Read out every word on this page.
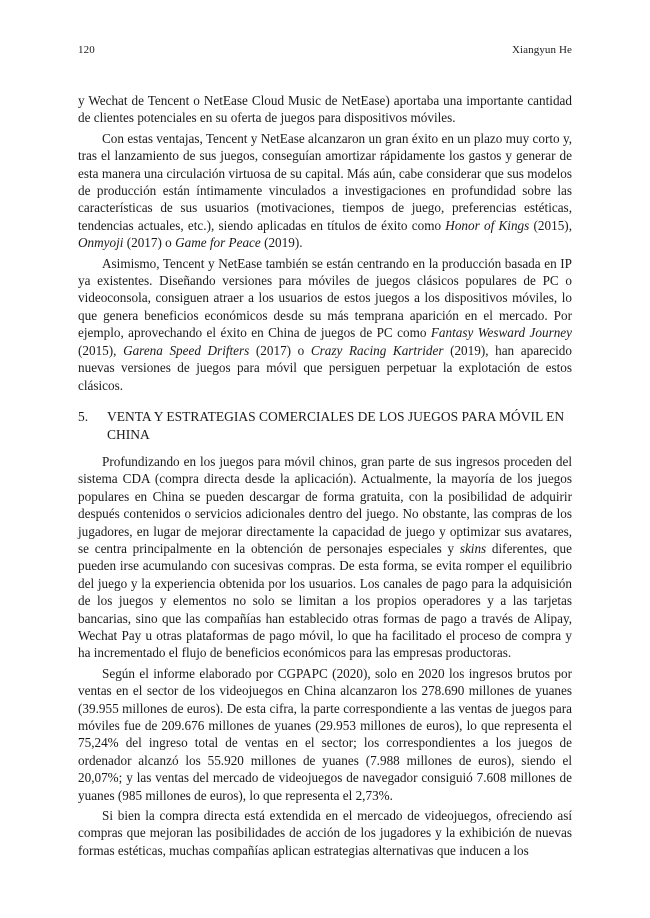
120	Xiangyun He

y Wechat de Tencent o NetEase Cloud Music de NetEase) aportaba una importante cantidad de clientes potenciales en su oferta de juegos para dispositivos móviles.

Con estas ventajas, Tencent y NetEase alcanzaron un gran éxito en un plazo muy corto y, tras el lanzamiento de sus juegos, conseguían amortizar rápidamente los gastos y generar de esta manera una circulación virtuosa de su capital. Más aún, cabe considerar que sus modelos de producción están íntimamente vinculados a investigaciones en profundidad sobre las características de sus usuarios (motivaciones, tiempos de juego, preferencias estéticas, tendencias actuales, etc.), siendo aplicadas en títulos de éxito como Honor of Kings (2015), Onmyoji (2017) o Game for Peace (2019).

Asimismo, Tencent y NetEase también se están centrando en la producción basada en IP ya existentes. Diseñando versiones para móviles de juegos clásicos populares de PC o videoconsola, consiguen atraer a los usuarios de estos juegos a los dispositivos móviles, lo que genera beneficios económicos desde su más temprana aparición en el mercado. Por ejemplo, aprovechando el éxito en China de juegos de PC como Fantasy Wesward Journey (2015), Garena Speed Drifters (2017) o Crazy Racing Kartrider (2019), han aparecido nuevas versiones de juegos para móvil que persiguen perpetuar la explotación de estos clásicos.

5.	VENTA Y ESTRATEGIAS COMERCIALES DE LOS JUEGOS PARA MÓVIL EN CHINA

Profundizando en los juegos para móvil chinos, gran parte de sus ingresos proceden del sistema CDA (compra directa desde la aplicación). Actualmente, la mayoría de los juegos populares en China se pueden descargar de forma gratuita, con la posibilidad de adquirir después contenidos o servicios adicionales dentro del juego. No obstante, las compras de los jugadores, en lugar de mejorar directamente la capacidad de juego y optimizar sus avatares, se centra principalmente en la obtención de personajes especiales y skins diferentes, que pueden irse acumulando con sucesivas compras. De esta forma, se evita romper el equilibrio del juego y la experiencia obtenida por los usuarios. Los canales de pago para la adquisición de los juegos y elementos no solo se limitan a los propios operadores y a las tarjetas bancarias, sino que las compañías han establecido otras formas de pago a través de Alipay, Wechat Pay u otras plataformas de pago móvil, lo que ha facilitado el proceso de compra y ha incrementado el flujo de beneficios económicos para las empresas productoras.

Según el informe elaborado por CGPAPC (2020), solo en 2020 los ingresos brutos por ventas en el sector de los videojuegos en China alcanzaron los 278.690 millones de yuanes (39.955 millones de euros). De esta cifra, la parte correspondiente a las ventas de juegos para móviles fue de 209.676 millones de yuanes (29.953 millones de euros), lo que representa el 75,24% del ingreso total de ventas en el sector; los correspondientes a los juegos de ordenador alcanzó los 55.920 millones de yuanes (7.988 millones de euros), siendo el 20,07%; y las ventas del mercado de videojuegos de navegador consiguió 7.608 millones de yuanes (985 millones de euros), lo que representa el 2,73%.

Si bien la compra directa está extendida en el mercado de videojuegos, ofreciendo así compras que mejoran las posibilidades de acción de los jugadores y la exhibición de nuevas formas estéticas, muchas compañías aplican estrategias alternativas que inducen a los
